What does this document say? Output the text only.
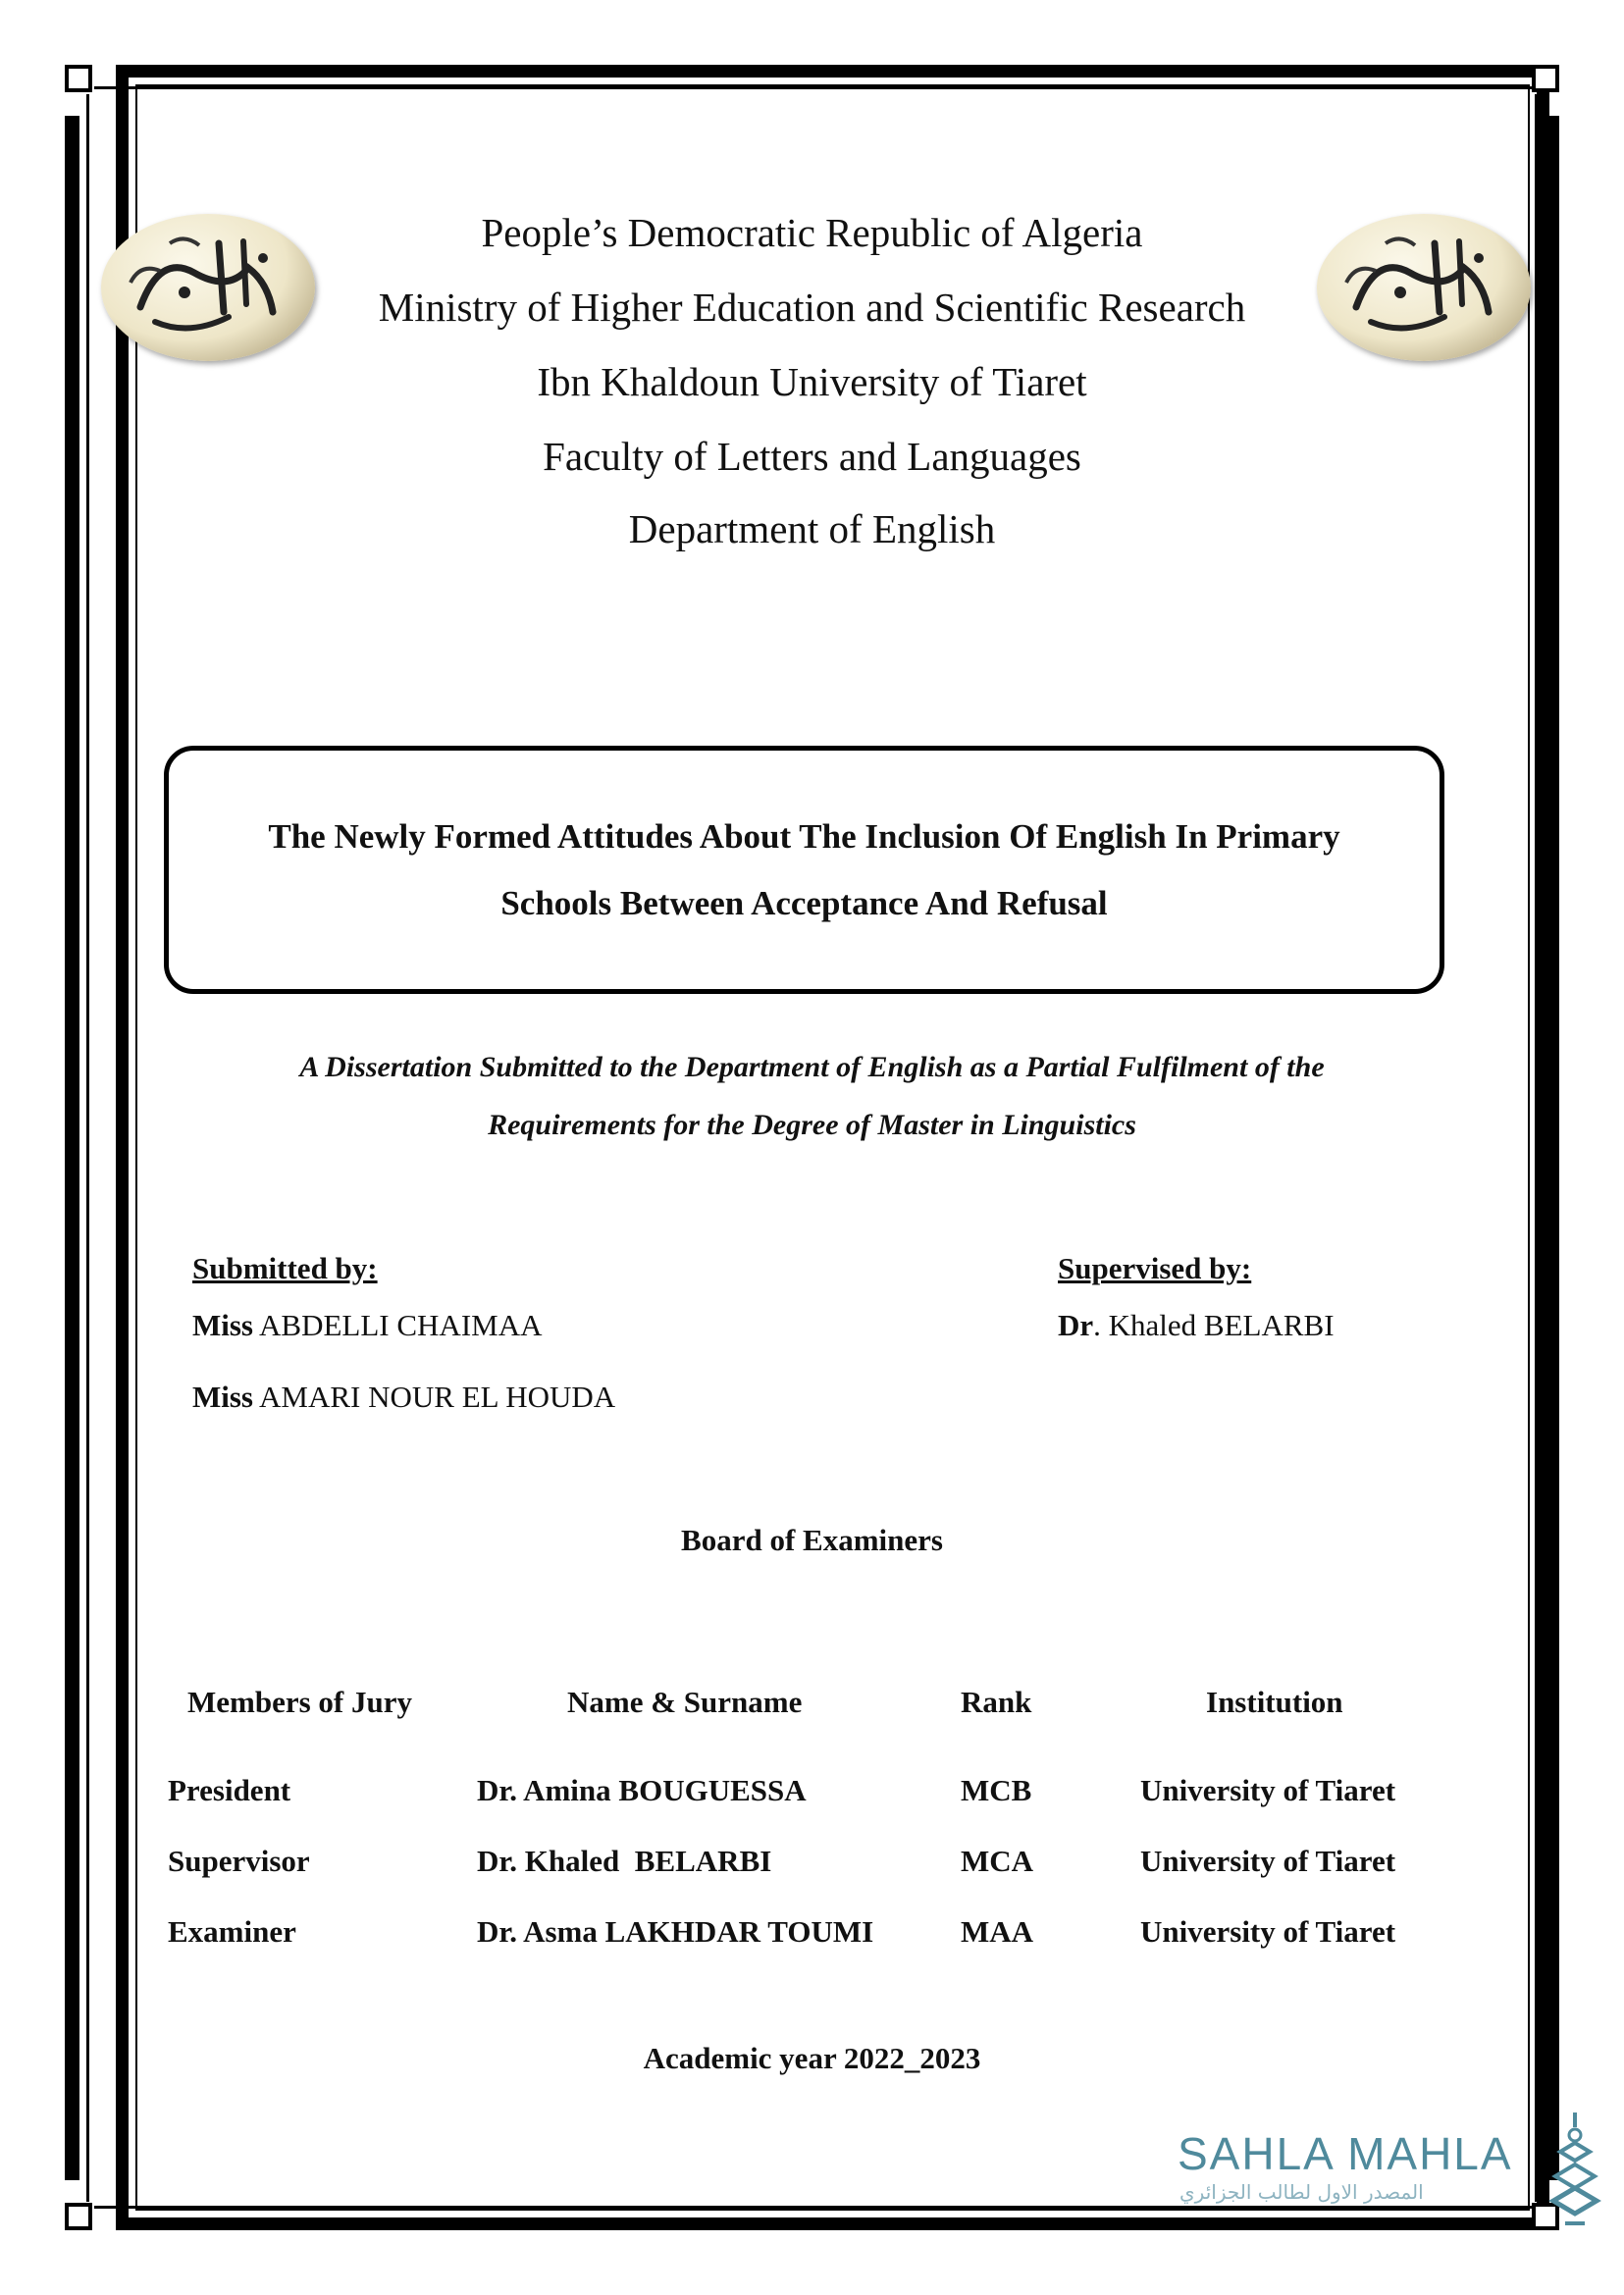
People’s Democratic Republic of Algeria
Ministry of Higher Education and Scientific Research
Ibn Khaldoun University of Tiaret
Faculty of Letters and Languages
Department of English
The Newly Formed Attitudes About The Inclusion Of English In Primary
Schools Between Acceptance And Refusal
A Dissertation Submitted to the Department of English as a Partial Fulfilment of the
Requirements for the Degree of Master in Linguistics
Submitted by:
Miss ABDELLI CHAIMAA
Miss AMARI NOUR EL HOUDA
Supervised by:
Dr. Khaled BELARBI
Board of Examiners
Members of Jury	Name & Surname	Rank	Institution
President	Dr. Amina BOUGUESSA	MCB	University of Tiaret
Supervisor	Dr. Khaled  BELARBI	MCA	University of Tiaret
Examiner	Dr. Asma LAKHDAR TOUMI	MAA	University of Tiaret
Academic year 2022_2023
SAHLA MAHLA
المصدر الاول لطالب الجزائري
